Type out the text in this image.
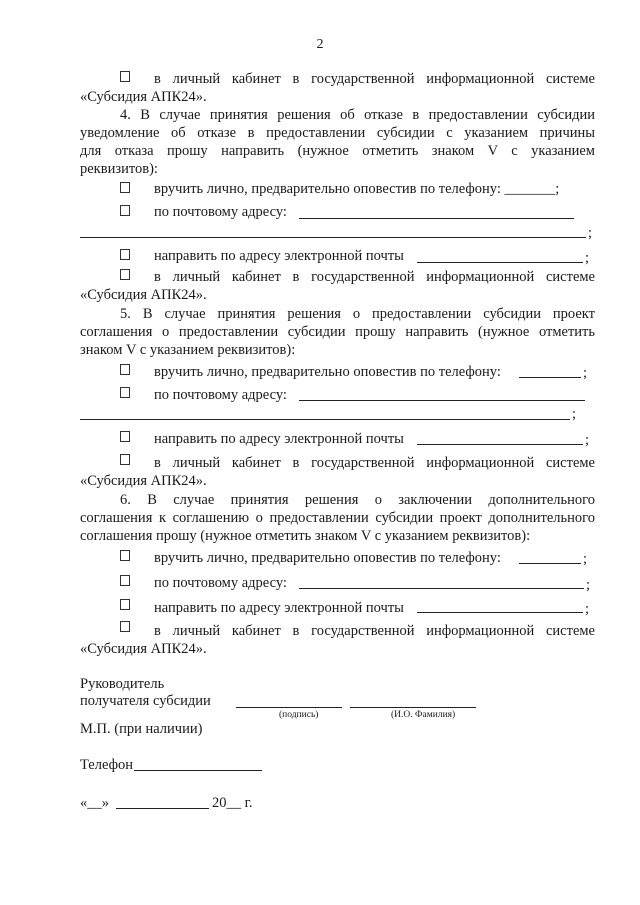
2
в личный кабинет в государственной информационной системе
«Субсидия АПК24».
4. В случае принятия решения об отказе в предоставлении субсидии
уведомление об отказе в предоставлении субсидии с указанием причины
для отказа прошу направить (нужное отметить знаком V с указанием
реквизитов):
вручить лично, предварительно оповестив по телефону: _______;
по почтовому адресу:
;
направить по адресу электронной почты	;
в личный кабинет в государственной информационной системе
«Субсидия АПК24».
5. В случае принятия решения о предоставлении субсидии проект
соглашения о предоставлении субсидии прошу направить (нужное отметить
знаком V с указанием реквизитов):
вручить лично, предварительно оповестив по телефону:	;
по почтовому адресу:
;
направить по адресу электронной почты	;
в личный кабинет в государственной информационной системе
«Субсидия АПК24».
6. В случае принятия решения о заключении дополнительного
соглашения к соглашению о предоставлении субсидии проект дополнительного
соглашения прошу (нужное отметить знаком V с указанием реквизитов):
вручить лично, предварительно оповестив по телефону:	;
по почтовому адресу:	;
направить по адресу электронной почты	;
в личный кабинет в государственной информационной системе
«Субсидия АПК24».
Руководитель
получателя субсидии
(подпись)	(И.О. Фамилия)
М.П. (при наличии)
Телефон
«__»	20__ г.
